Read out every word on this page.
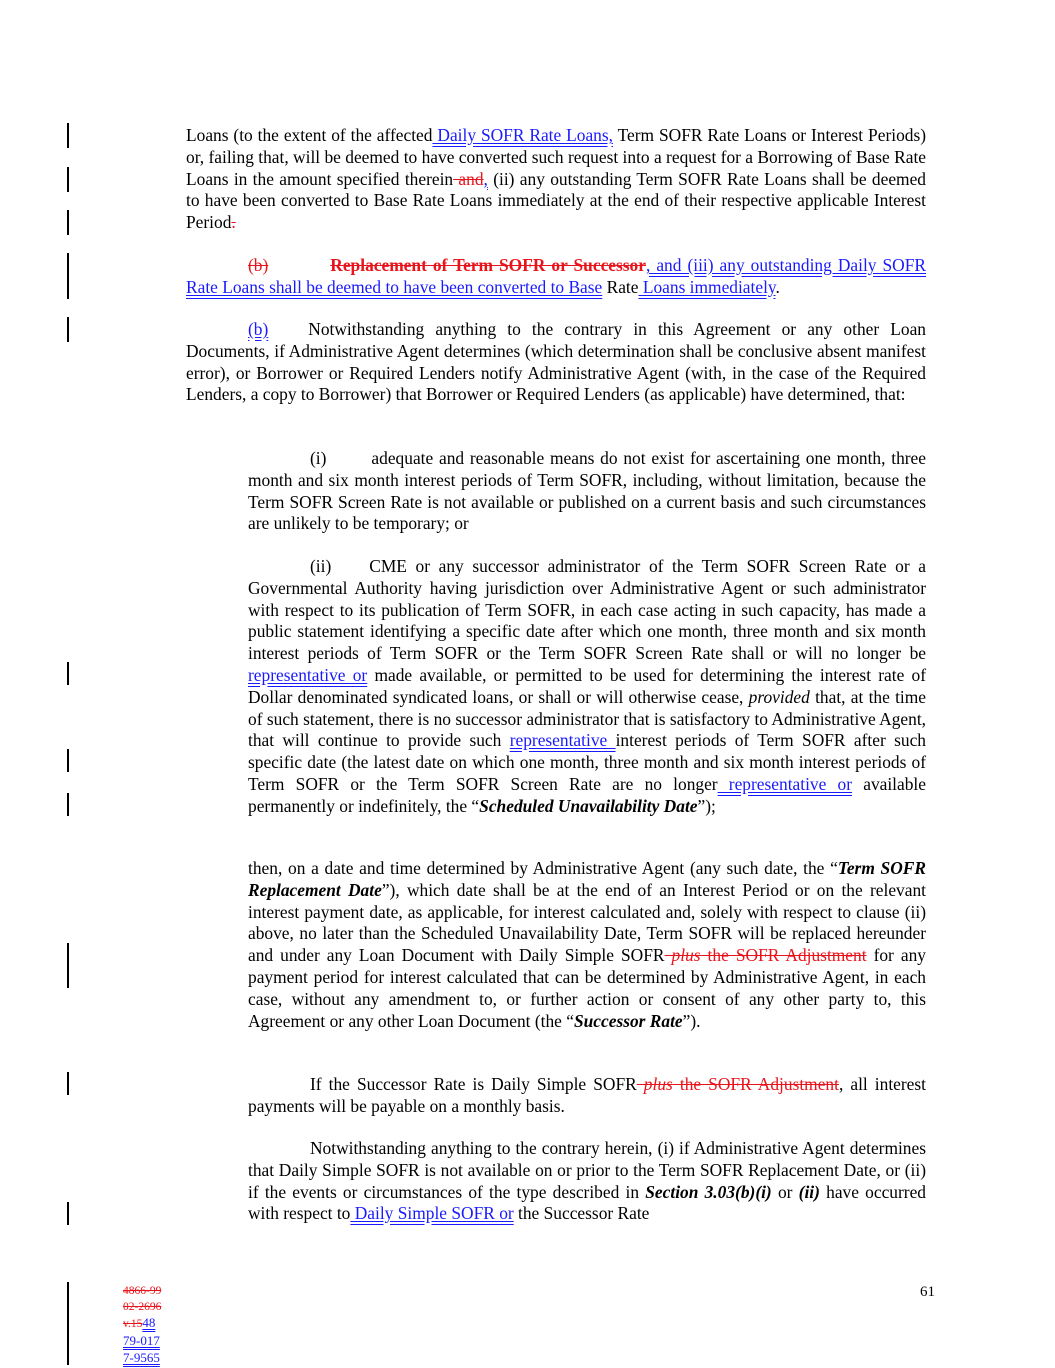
Loans (to the extent of the affected Daily SOFR Rate Loans, Term SOFR Rate Loans or Interest Periods) or, failing that, will be deemed to have converted such request into a request for a Borrowing of Base Rate Loans in the amount specified therein and, (ii) any outstanding Term SOFR Rate Loans shall be deemed to have been converted to Base Rate Loans immediately at the end of their respective applicable Interest Period.

(b)	Replacement of Term SOFR or Successor, and (iii) any outstanding Daily SOFR Rate Loans shall be deemed to have been converted to Base Rate Loans immediately.

(b) Notwithstanding anything to the contrary in this Agreement or any other Loan Documents, if Administrative Agent determines (which determination shall be conclusive absent manifest error), or Borrower or Required Lenders notify Administrative Agent (with, in the case of the Required Lenders, a copy to Borrower) that Borrower or Required Lenders (as applicable) have determined, that:

(i)	adequate and reasonable means do not exist for ascertaining one month, three month and six month interest periods of Term SOFR, including, without limitation, because the Term SOFR Screen Rate is not available or published on a current basis and such circumstances are unlikely to be temporary; or

(ii) CME or any successor administrator of the Term SOFR Screen Rate or a Governmental Authority having jurisdiction over Administrative Agent or such administrator with respect to its publication of Term SOFR, in each case acting in such capacity, has made a public statement identifying a specific date after which one month, three month and six month interest periods of Term SOFR or the Term SOFR Screen Rate shall or will no longer be representative or made available, or permitted to be used for determining the interest rate of Dollar denominated syndicated loans, or shall or will otherwise cease, provided that, at the time of such statement, there is no successor administrator that is satisfactory to Administrative Agent, that will continue to provide such representative interest periods of Term SOFR after such specific date (the latest date on which one month, three month and six month interest periods of Term SOFR or the Term SOFR Screen Rate are no longer representative or available permanently or indefinitely, the “Scheduled Unavailability Date”);

then, on a date and time determined by Administrative Agent (any such date, the “Term SOFR Replacement Date”), which date shall be at the end of an Interest Period or on the relevant interest payment date, as applicable, for interest calculated and, solely with respect to clause (ii) above, no later than the Scheduled Unavailability Date, Term SOFR will be replaced hereunder and under any Loan Document with Daily Simple SOFR plus the SOFR Adjustment for any payment period for interest calculated that can be determined by Administrative Agent, in each case, without any amendment to, or further action or consent of any other party to, this Agreement or any other Loan Document (the “Successor Rate”).

If the Successor Rate is Daily Simple SOFR plus the SOFR Adjustment, all interest payments will be payable on a monthly basis.

Notwithstanding anything to the contrary herein, (i) if Administrative Agent determines that Daily Simple SOFR is not available on or prior to the Term SOFR Replacement Date, or (ii) if the events or circumstances of the type described in Section 3.03(b)(i) or (ii) have occurred with respect to Daily Simple SOFR or the Successor Rate

4866-99
02-2696
v.1548
79-017
7-9565
61
